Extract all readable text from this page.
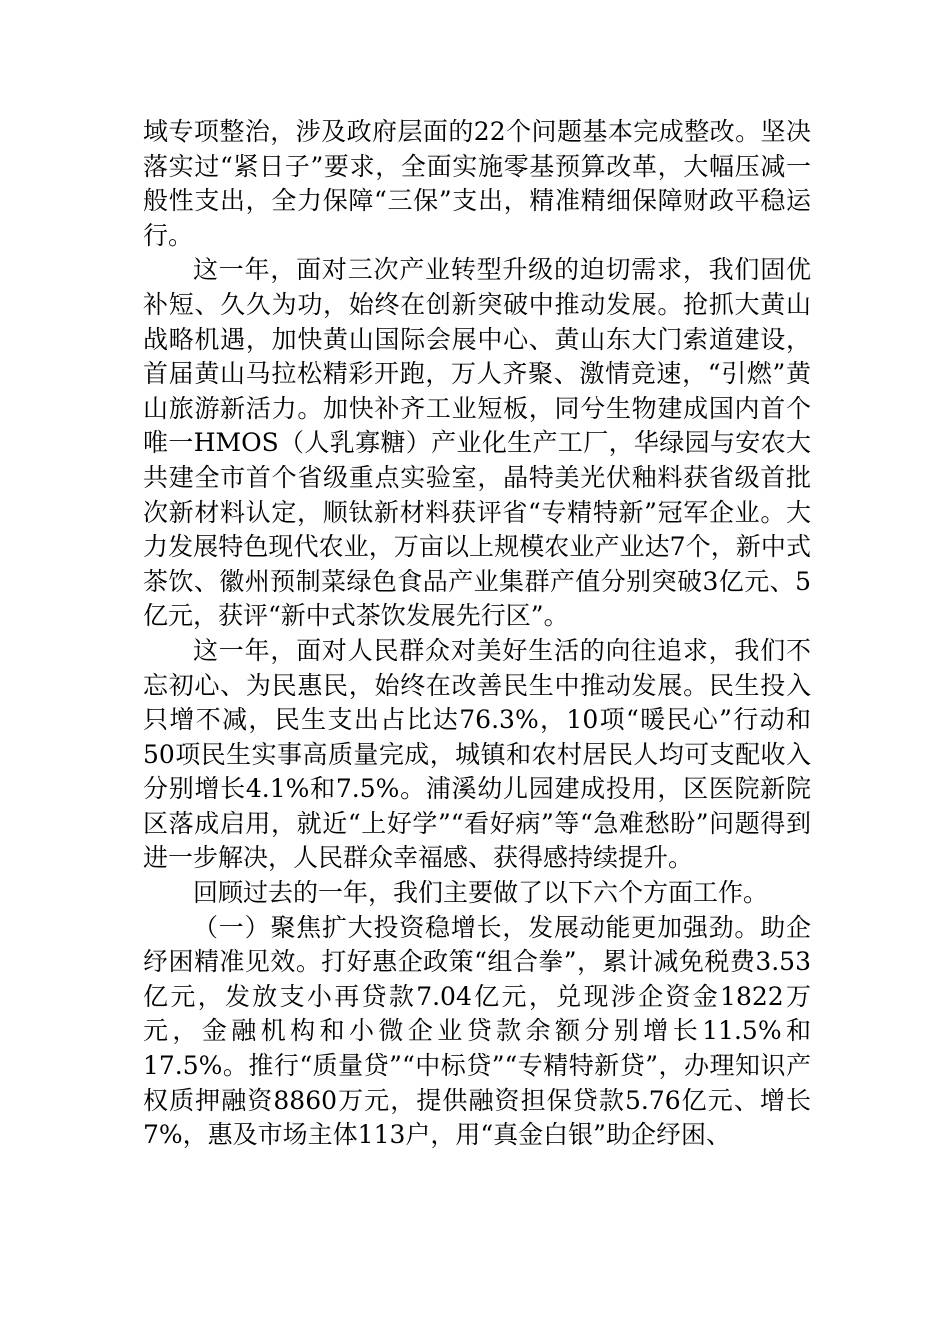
域专项整治，涉及政府层面的22个问题基本完成整改。坚决落实过“紧日子”要求，全面实施零基预算改革，大幅压减一般性支出，全力保障“三保”支出，精准精细保障财政平稳运行。

这一年，面对三次产业转型升级的迫切需求，我们固优补短、久久为功，始终在创新突破中推动发展。抢抓大黄山战略机遇，加快黄山国际会展中心、黄山东大门索道建设，首届黄山马拉松精彩开跑，万人齐聚、激情竞速，“引燃”黄山旅游新活力。加快补齐工业短板，同兮生物建成国内首个唯一HMOS（人乳寡糖）产业化生产工厂，华绿园与安农大共建全市首个省级重点实验室，晶特美光伏釉料获省级首批次新材料认定，顺钛新材料获评省“专精特新”冠军企业。大力发展特色现代农业，万亩以上规模农业产业达7个，新中式茶饮、徽州预制菜绿色食品产业集群产值分别突破3亿元、5亿元，获评“新中式茶饮发展先行区”。

这一年，面对人民群众对美好生活的向往追求，我们不忘初心、为民惠民，始终在改善民生中推动发展。民生投入只增不减，民生支出占比达76.3%，10项“暖民心”行动和50项民生实事高质量完成，城镇和农村居民人均可支配收入分别增长4.1%和7.5%。浦溪幼儿园建成投用，区医院新院区落成启用，就近“上好学”“看好病”等“急难愁盼”问题得到进一步解决，人民群众幸福感、获得感持续提升。

回顾过去的一年，我们主要做了以下六个方面工作。

（一）聚焦扩大投资稳增长，发展动能更加强劲。助企纾困精准见效。打好惠企政策“组合拳”，累计减免税费3.53亿元，发放支小再贷款7.04亿元，兑现涉企资金1822万元，金融机构和小微企业贷款余额分别增长11.5%和17.5%。推行“质量贷”“中标贷”“专精特新贷”，办理知识产权质押融资8860万元，提供融资担保贷款5.76亿元、增长7%，惠及市场主体113户，用“真金白银”助企纾困、
